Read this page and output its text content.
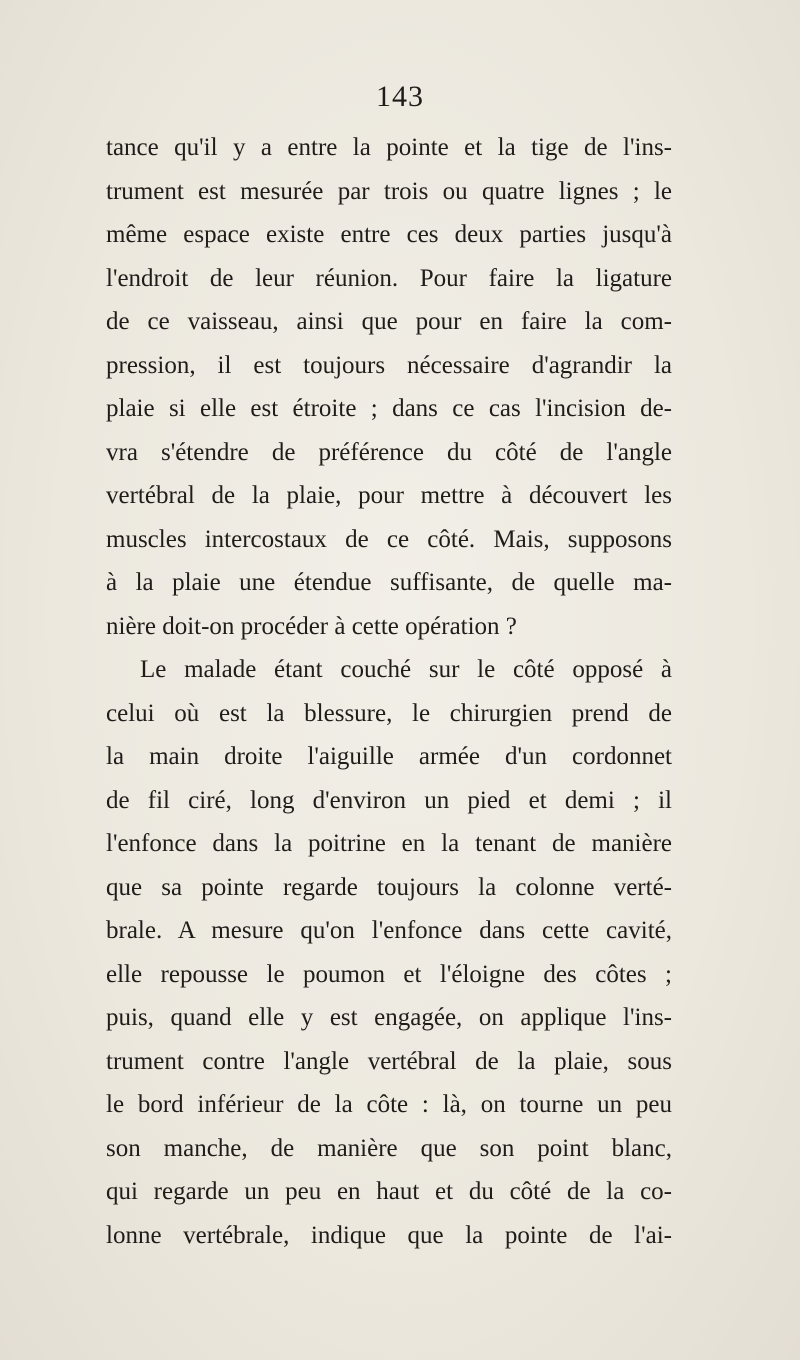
143
tance qu'il y a entre la pointe et la tige de l'ins-
trument est mesurée par trois ou quatre lignes ; le
même espace existe entre ces deux parties jusqu'à
l'endroit de leur réunion. Pour faire la ligature
de ce vaisseau, ainsi que pour en faire la com-
pression, il est toujours nécessaire d'agrandir la
plaie si elle est étroite ; dans ce cas l'incision de-
vra s'étendre de préférence du côté de l'angle
vertébral de la plaie, pour mettre à découvert les
muscles intercostaux de ce côté. Mais, supposons
à la plaie une étendue suffisante, de quelle ma-
nière doit-on procéder à cette opération ?
Le malade étant couché sur le côté opposé à
celui où est la blessure, le chirurgien prend de
la main droite l'aiguille armée d'un cordonnet
de fil ciré, long d'environ un pied et demi ; il
l'enfonce dans la poitrine en la tenant de manière
que sa pointe regarde toujours la colonne verté-
brale. A mesure qu'on l'enfonce dans cette cavité,
elle repousse le poumon et l'éloigne des côtes ;
puis, quand elle y est engagée, on applique l'ins-
trument contre l'angle vertébral de la plaie, sous
le bord inférieur de la côte : là, on tourne un peu
son manche, de manière que son point blanc,
qui regarde un peu en haut et du côté de la co-
lonne vertébrale, indique que la pointe de l'ai-
